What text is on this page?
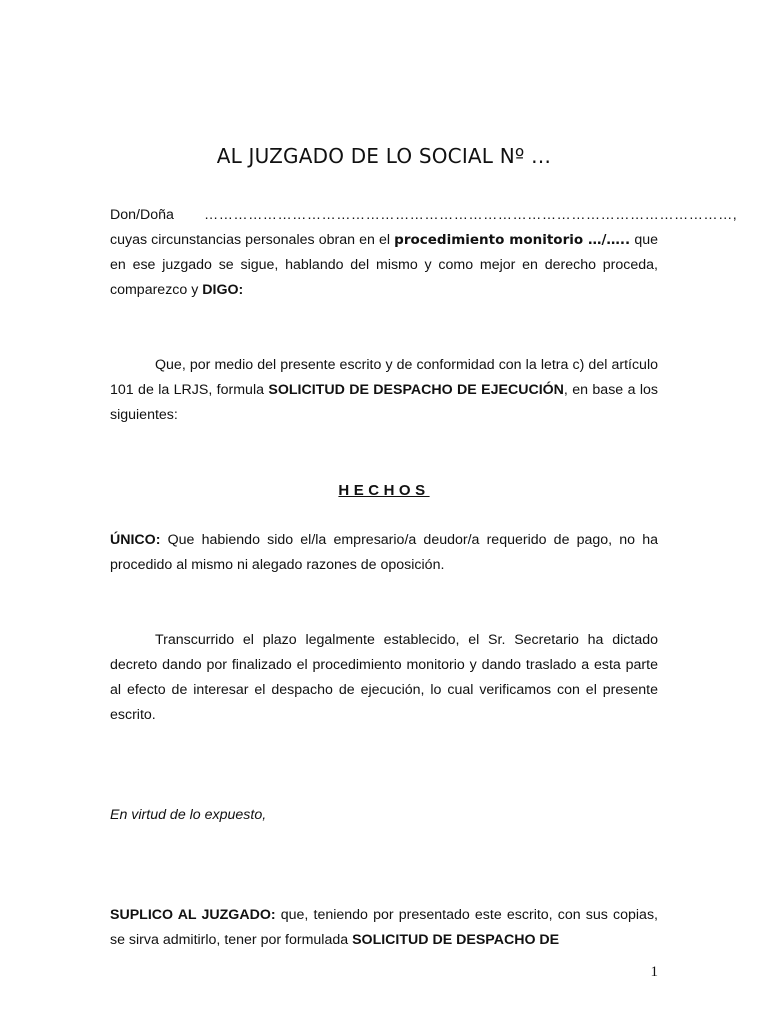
AL JUZGADO DE LO SOCIAL Nº …
Don/Doña	………………………………………………………………………………………………,

cuyas circunstancias personales obran en el procedimiento monitorio …/….. que en ese juzgado se sigue, hablando del mismo y como mejor en derecho proceda, comparezco y DIGO:

Que, por medio del presente escrito y de conformidad con la letra c) del artículo 101 de la LRJS, formula SOLICITUD DE DESPACHO DE EJECUCIÓN, en base a los siguientes:

HECHOS

ÚNICO: Que habiendo sido el/la empresario/a deudor/a requerido de pago, no ha procedido al mismo ni alegado razones de oposición.

Transcurrido el plazo legalmente establecido, el Sr. Secretario ha dictado decreto dando por finalizado el procedimiento monitorio y dando traslado a esta parte al efecto de interesar el despacho de ejecución, lo cual verificamos con el presente escrito.

En virtud de lo expuesto,

SUPLICO AL JUZGADO: que, teniendo por presentado este escrito, con sus copias, se sirva admitirlo, tener por formulada SOLICITUD DE DESPACHO DE

1
